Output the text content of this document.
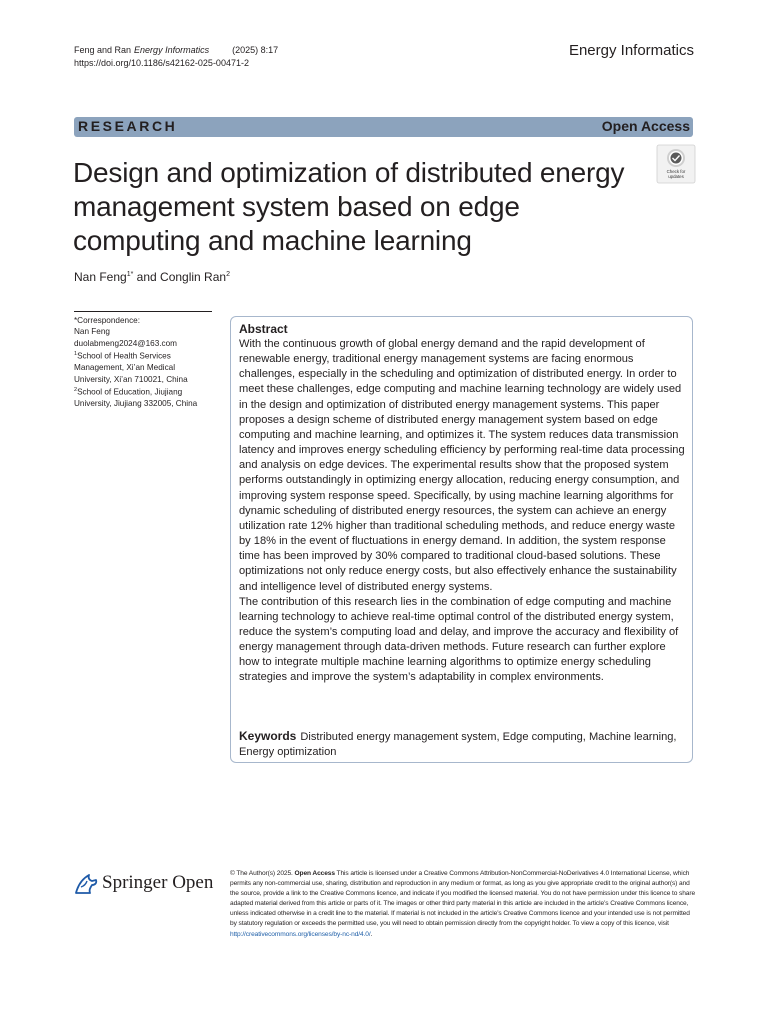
Feng and Ran Energy Informatics	(2025) 8:17
https://doi.org/10.1186/s42162-025-00471-2
Energy Informatics
RESEARCH	Open Access
Design and optimization of distributed energy management system based on edge computing and machine learning
Check for
updates
Nan Feng$^{1*}$ and Conglin Ran$^2$
*Correspondence:
Nan Feng
duolabmeng2024@163.com
$^1$School of Health Services Management, Xi’an Medical University, Xi’an 710021, China
$^2$School of Education, Jiujiang University, Jiujiang 332005, China
Abstract

With the continuous growth of global energy demand and the rapid development of renewable energy, traditional energy management systems are facing enormous challenges, especially in the scheduling and optimization of distributed energy. In order to meet these challenges, edge computing and machine learning technology are widely used in the design and optimization of distributed energy management systems. This paper proposes a design scheme of distributed energy management system based on edge computing and machine learning, and optimizes it. The system reduces data transmission latency and improves energy scheduling efficiency by performing real-time data processing and analysis on edge devices. The experimental results show that the proposed system performs outstandingly in optimizing energy allocation, reducing energy consumption, and improving system response speed. Specifically, by using machine learning algorithms for dynamic scheduling of distributed energy resources, the system can achieve an energy utilization rate 12% higher than traditional scheduling methods, and reduce energy waste by 18% in the event of fluctuations in energy demand. In addition, the system response time has been improved by 30% compared to traditional cloud-based solutions. These optimizations not only reduce energy costs, but also effectively enhance the sustainability and intelligence level of distributed energy systems.

The contribution of this research lies in the combination of edge computing and machine learning technology to achieve real-time optimal control of the distributed energy system, reduce the system’s computing load and delay, and improve the accuracy and flexibility of energy management through data-driven methods. Future research can further explore how to integrate multiple machine learning algorithms to optimize energy scheduling strategies and improve the system’s adaptability in complex environments.

Keywords Distributed energy management system, Edge computing, Machine learning, Energy optimization
Springer Open	© The Author(s) 2025. Open Access This article is licensed under a Creative Commons Attribution-NonCommercial-NoDerivatives 4.0 International License, which permits any non-commercial use, sharing, distribution and reproduction in any medium or format, as long as you give appropriate credit to the original author(s) and the source, provide a link to the Creative Commons licence, and indicate if you modified the licensed material. You do not have permission under this licence to share adapted material derived from this article or parts of it. The images or other third party material in this article are included in the article’s Creative Commons licence, unless indicated otherwise in a credit line to the material. If material is not included in the article’s Creative Commons licence and your intended use is not permitted by statutory regulation or exceeds the permitted use, you will need to obtain permission directly from the copyright holder. To view a copy of this licence, visit http://creativecommons.org/licenses/by-nc-nd/4.0/.
